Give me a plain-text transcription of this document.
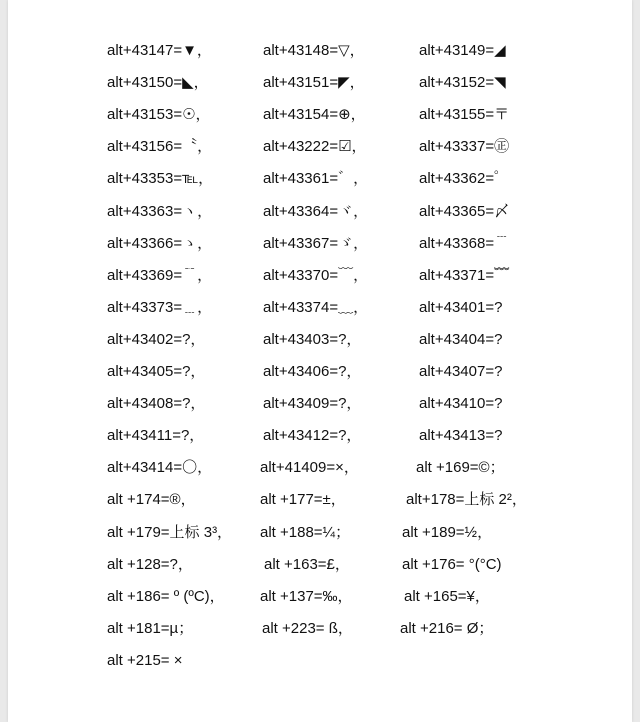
alt+43147=▼，	alt+43148=▽，	alt+43149=◢
alt+43150=◣，	alt+43151=◤，	alt+43152=◥
alt+43153=☉，	alt+43154=⊕，	alt+43155=〒
alt+43156=〝，	alt+43222=☑，	alt+43337=㊣
alt+43353=℡，	alt+43361=゛，	alt+43362=゜
alt+43363=ヽ，	alt+43364=ヾ，	alt+43365=〆
alt+43366=ゝ，	alt+43367=ゞ，	alt+43368=﹉
alt+43369=﹊，	alt+43370=﹋，	alt+43371=﹌
alt+43373=﹍，	alt+43374=﹏，	alt+43401=?
alt+43402=?，	alt+43403=?，	alt+43404=?
alt+43405=?，	alt+43406=?，	alt+43407=?
alt+43408=?，	alt+43409=?，	alt+43410=?
alt+43411=?，	alt+43412=?，	alt+43413=?
alt+43414=〇，	alt+41409=×，	alt +169=©；
alt +174=®，	alt +177=±，	alt+178=上标 2²，
alt +179=上标 3³， alt +188=¼；	alt +189=½，
alt +128=?，	alt +163=£，	alt +176= °(°C)
alt +186= º (ºC)， alt +137=‰，	alt +165=¥，
alt +181=µ；	alt +223= ß，	alt +216= Ø；
alt +215= ×
